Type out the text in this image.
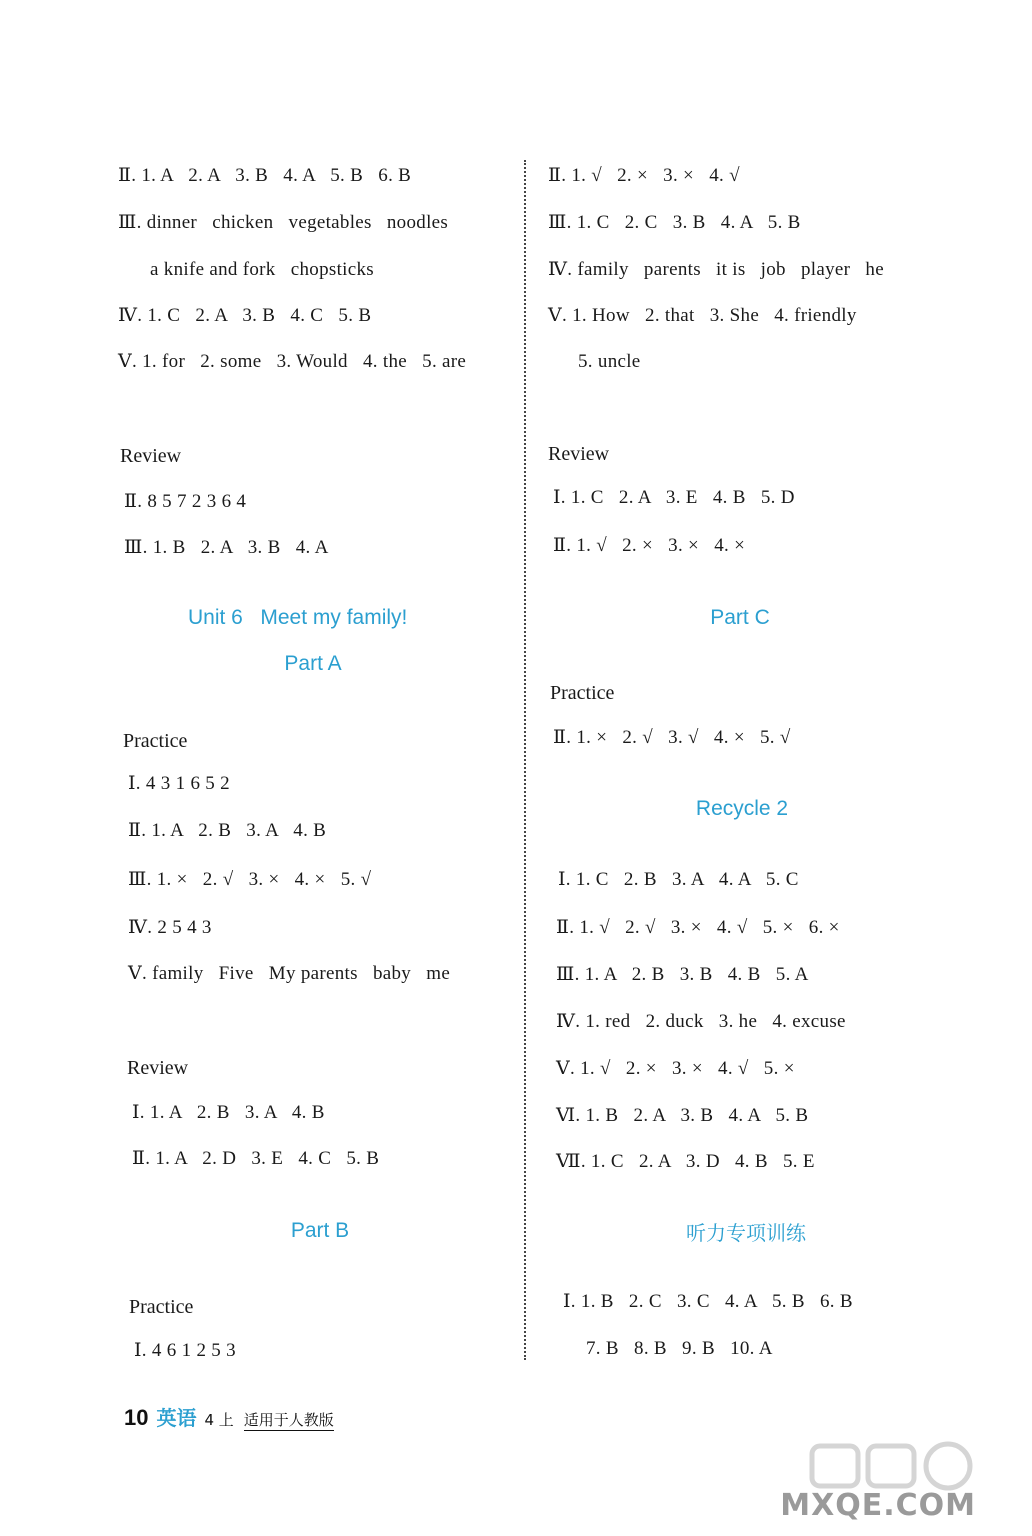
Ⅱ. 1. A   2. A   3. B   4. A   5. B   6. B
Ⅲ. dinner   chicken   vegetables   noodles
a knife and fork   chopsticks
Ⅳ. 1. C   2. A   3. B   4. C   5. B
Ⅴ. 1. for   2. some   3. Would   4. the   5. are
Review
Ⅱ. 8 5 7 2 3 6 4
Ⅲ. 1. B   2. A   3. B   4. A
Unit 6   Meet my family!
Part A
Practice
Ⅰ. 4 3 1 6 5 2
Ⅱ. 1. A   2. B   3. A   4. B
Ⅲ. 1. ×   2. √   3. ×   4. ×   5. √
Ⅳ. 2 5 4 3
Ⅴ. family   Five   My parents   baby   me
Review
Ⅰ. 1. A   2. B   3. A   4. B
Ⅱ. 1. A   2. D   3. E   4. C   5. B
Part B
Practice
Ⅰ. 4 6 1 2 5 3
Ⅱ. 1. √   2. ×   3. ×   4. √
Ⅲ. 1. C   2. C   3. B   4. A   5. B
Ⅳ. family   parents   it is   job   player   he
Ⅴ. 1. How   2. that   3. She   4. friendly
5. uncle
Review
Ⅰ. 1. C   2. A   3. E   4. B   5. D
Ⅱ. 1. √   2. ×   3. ×   4. ×
Part C
Practice
Ⅱ. 1. ×   2. √   3. √   4. ×   5. √
Recycle 2
Ⅰ. 1. C   2. B   3. A   4. A   5. C
Ⅱ. 1. √   2. √   3. ×   4. √   5. ×   6. ×
Ⅲ. 1. A   2. B   3. B   4. B   5. A
Ⅳ. 1. red   2. duck   3. he   4. excuse
Ⅴ. 1. √   2. ×   3. ×   4. √   5. ×
Ⅵ. 1. B   2. A   3. B   4. A   5. B
Ⅶ. 1. C   2. A   3. D   4. B   5. E
听力专项训练
Ⅰ. 1. B   2. C   3. C   4. A   5. B   6. B
7. B   8. B   9. B   10. A
10 英语 4 上 适用于人教版
MXQE.COM
